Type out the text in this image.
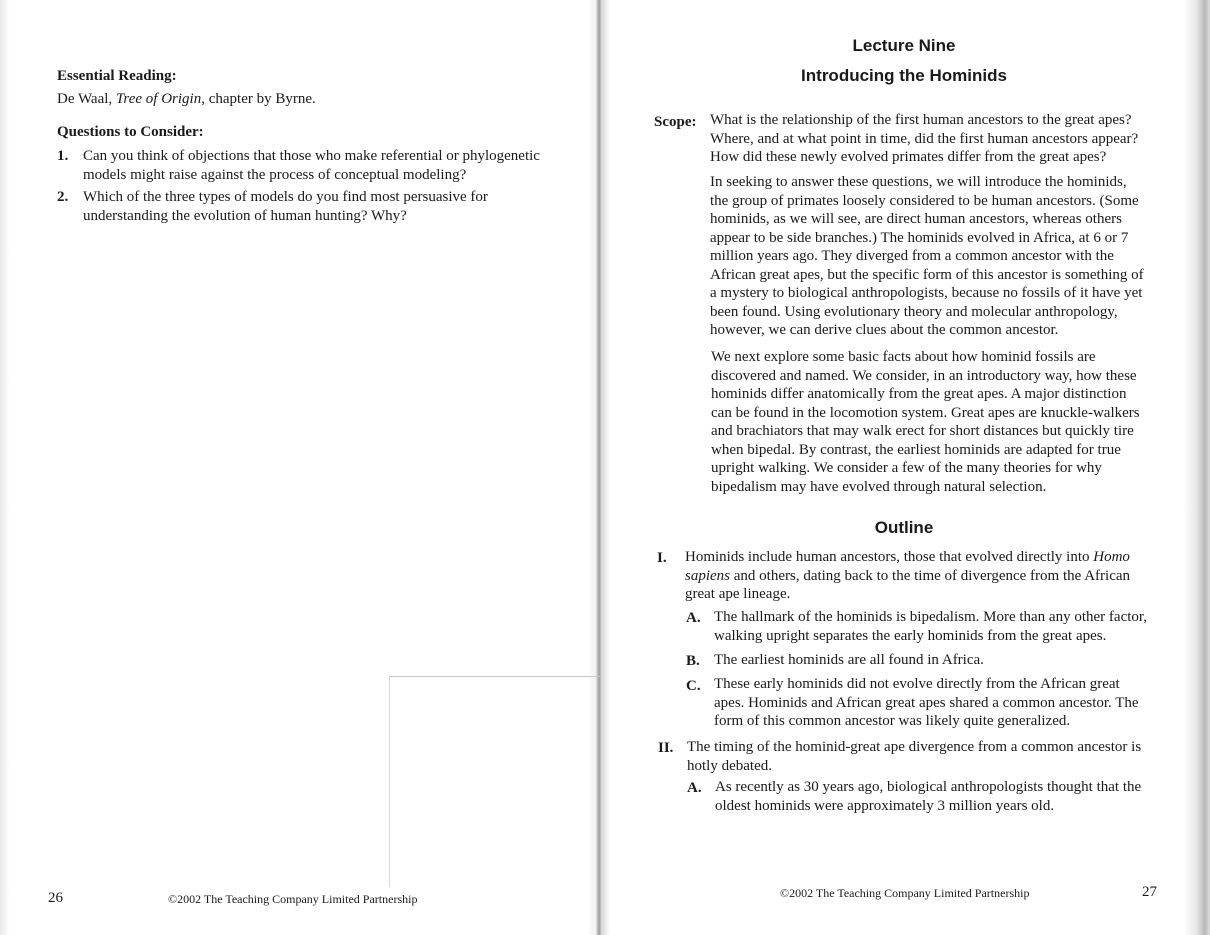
Essential Reading:
De Waal, Tree of Origin, chapter by Byrne.
Questions to Consider:
1. Can you think of objections that those who make referential or phylogenetic
models might raise against the process of conceptual modeling?
2. Which of the three types of models do you find most persuasive for
understanding the evolution of human hunting? Why?
26	©2002 The Teaching Company Limited Partnership
Lecture Nine
Introducing the Hominids
Scope: What is the relationship of the first human ancestors to the great apes?
Where, and at what point in time, did the first human ancestors appear?
How did these newly evolved primates differ from the great apes?
In seeking to answer these questions, we will introduce the hominids,
the group of primates loosely considered to be human ancestors. (Some
hominids, as we will see, are direct human ancestors, whereas others
appear to be side branches.) The hominids evolved in Africa, at 6 or 7
million years ago. They diverged from a common ancestor with the
African great apes, but the specific form of this ancestor is something of
a mystery to biological anthropologists, because no fossils of it have yet
been found. Using evolutionary theory and molecular anthropology,
however, we can derive clues about the common ancestor.
We next explore some basic facts about how hominid fossils are
discovered and named. We consider, in an introductory way, how these
hominids differ anatomically from the great apes. A major distinction
can be found in the locomotion system. Great apes are knuckle-walkers
and brachiators that may walk erect for short distances but quickly tire
when bipedal. By contrast, the earliest hominids are adapted for true
upright walking. We consider a few of the many theories for why
bipedalism may have evolved through natural selection.
Outline
I. Hominids include human ancestors, those that evolved directly into Homo
sapiens and others, dating back to the time of divergence from the African
great ape lineage.
A. The hallmark of the hominids is bipedalism. More than any other factor,
walking upright separates the early hominids from the great apes.
B. The earliest hominids are all found in Africa.
C. These early hominids did not evolve directly from the African great
apes. Hominids and African great apes shared a common ancestor. The
form of this common ancestor was likely quite generalized.
II. The timing of the hominid-great ape divergence from a common ancestor is
hotly debated.
A. As recently as 30 years ago, biological anthropologists thought that the
oldest hominids were approximately 3 million years old.
©2002 The Teaching Company Limited Partnership	27
